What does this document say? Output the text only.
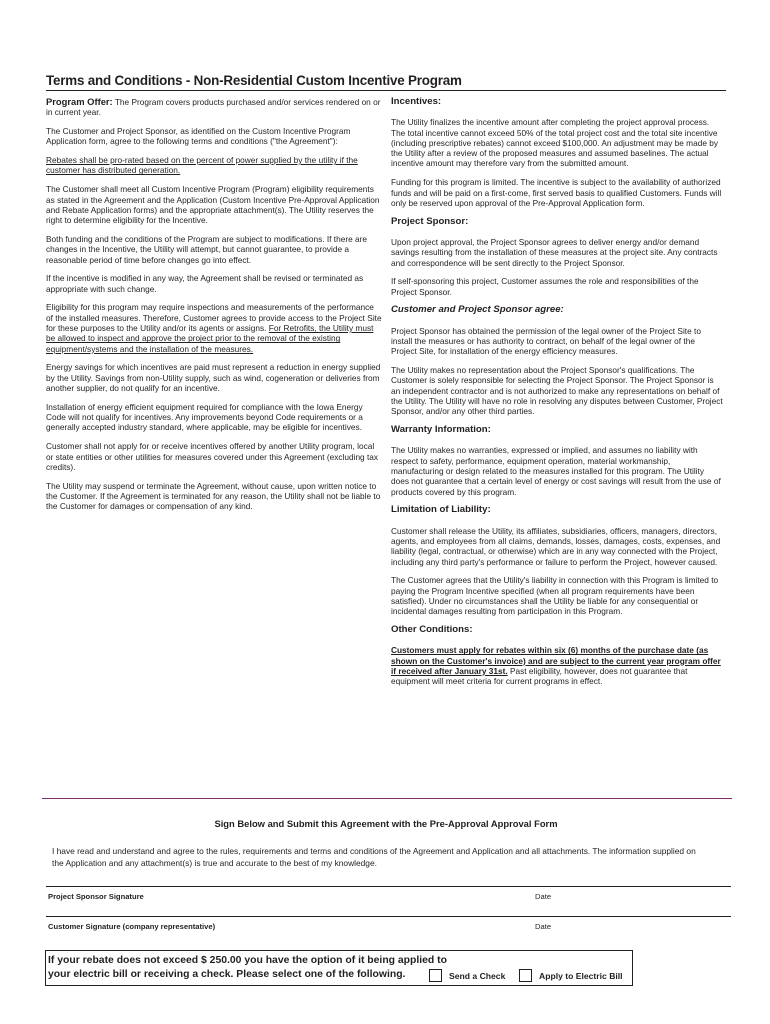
Terms and Conditions - Non-Residential Custom Incentive Program

Program Offer: The Program covers products purchased and/or services rendered on or in current year.

The Customer and Project Sponsor, as identified on the Custom Incentive Program Application form, agree to the following terms and conditions ("the Agreement"):

Rebates shall be pro-rated based on the percent of power supplied by the utility if the customer has distributed generation.

The Customer shall meet all Custom Incentive Program (Program) eligibility requirements as stated in the Agreement and the Application (Custom Incentive Pre-Approval Application and Rebate Application forms) and the appropriate attachment(s). The Utility reserves the right to determine eligibility for the Incentive.

Both funding and the conditions of the Program are subject to modifications. If there are changes in the Incentive, the Utility will attempt, but cannot guarantee, to provide a reasonable period of time before changes go into effect.

If the incentive is modified in any way, the Agreement shall be revised or terminated as appropriate with such change.

Eligibility for this program may require inspections and measurements of the performance of the installed measures. Therefore, Customer agrees to provide access to the Project Site for these purposes to the Utility and/or its agents or assigns. For Retrofits, the Utility must be allowed to inspect and approve the project prior to the removal of the existing equipment/systems and the installation of the measures.

Energy savings for which incentives are paid must represent a reduction in energy supplied by the Utility. Savings from non-Utility supply, such as wind, cogeneration or deliveries from another supplier, do not qualify for an incentive.

Installation of energy efficient equipment required for compliance with the Iowa Energy Code will not qualify for incentives. Any improvements beyond Code requirements or a generally accepted industry standard, where applicable, may be eligible for incentives.

Customer shall not apply for or receive incentives offered by another Utility program, local or state entities or other utilities for measures covered under this Agreement (excluding tax credits).

The Utility may suspend or terminate the Agreement, without cause, upon written notice to the Customer. If the Agreement is terminated for any reason, the Utility shall not be liable to the Customer for damages or compensation of any kind.

Incentives:

The Utility finalizes the incentive amount after completing the project approval process. The total incentive cannot exceed 50% of the total project cost and the total site incentive (including prescriptive rebates) cannot exceed $100,000. An adjustment may be made by the Utility after a review of the proposed measures and assumed baselines. The actual incentive amount may therefore vary from the submitted amount.

Funding for this program is limited. The incentive is subject to the availability of authorized funds and will be paid on a first-come, first served basis to qualified Customers. Funds will only be reserved upon approval of the Pre-Approval Application form.

Project Sponsor:

Upon project approval, the Project Sponsor agrees to deliver energy and/or demand savings resulting from the installation of these measures at the project site. Any contracts and correspondence will be sent directly to the Project Sponsor.

If self-sponsoring this project, Customer assumes the role and responsibilities of the Project Sponsor.

Customer and Project Sponsor agree:

Project Sponsor has obtained the permission of the legal owner of the Project Site to install the measures or has authority to contract, on behalf of the legal owner of the Project Site, for installation of the energy efficiency measures.

The Utility makes no representation about the Project Sponsor's qualifications. The Customer is solely responsible for selecting the Project Sponsor. The Project Sponsor is an independent contractor and is not authorized to make any representations on behalf of the Utility. The Utility will have no role in resolving any disputes between Customer, Project Sponsor, and/or any other third parties.

Warranty Information:

The Utility makes no warranties, expressed or implied, and assumes no liability with respect to safety, performance, equipment operation, material workmanship, manufacturing or design related to the measures installed for this program. The Utility does not guarantee that a certain level of energy or cost savings will result from the use of products covered by this program.

Limitation of Liability:

Customer shall release the Utility, its affiliates, subsidiaries, officers, managers, directors, agents, and employees from all claims, demands, losses, damages, costs, expenses, and liability (legal, contractual, or otherwise) which are in any way connected with the Project, including any third party's performance or failure to perform the Project, however caused.

The Customer agrees that the Utility's liability in connection with this Program is limited to paying the Program Incentive specified (when all program requirements have been satisfied). Under no circumstances shall the Utility be liable for any consequential or incidental damages resulting from participation in this Program.

Other Conditions:

Customers must apply for rebates within six (6) months of the purchase date (as shown on the Customer's invoice) and are subject to the current year program offer if received after January 31st. Past eligibility, however, does not guarantee that equipment will meet criteria for current programs in effect.

Sign Below and Submit this Agreement with the Pre-Approval Approval Form
I have read and understand and agree to the rules, requirements and terms and conditions of the Agreement and Application and all attachments. The information supplied on the Application and any attachment(s) is true and accurate to the best of my knowledge.
Project Sponsor Signature	Date
Customer Signature (company representative)	Date
If your rebate does not exceed $ 250.00 you have the option of it being applied to
your electric bill or receiving a check. Please select one of the following.	Send a Check	Apply to Electric Bill
